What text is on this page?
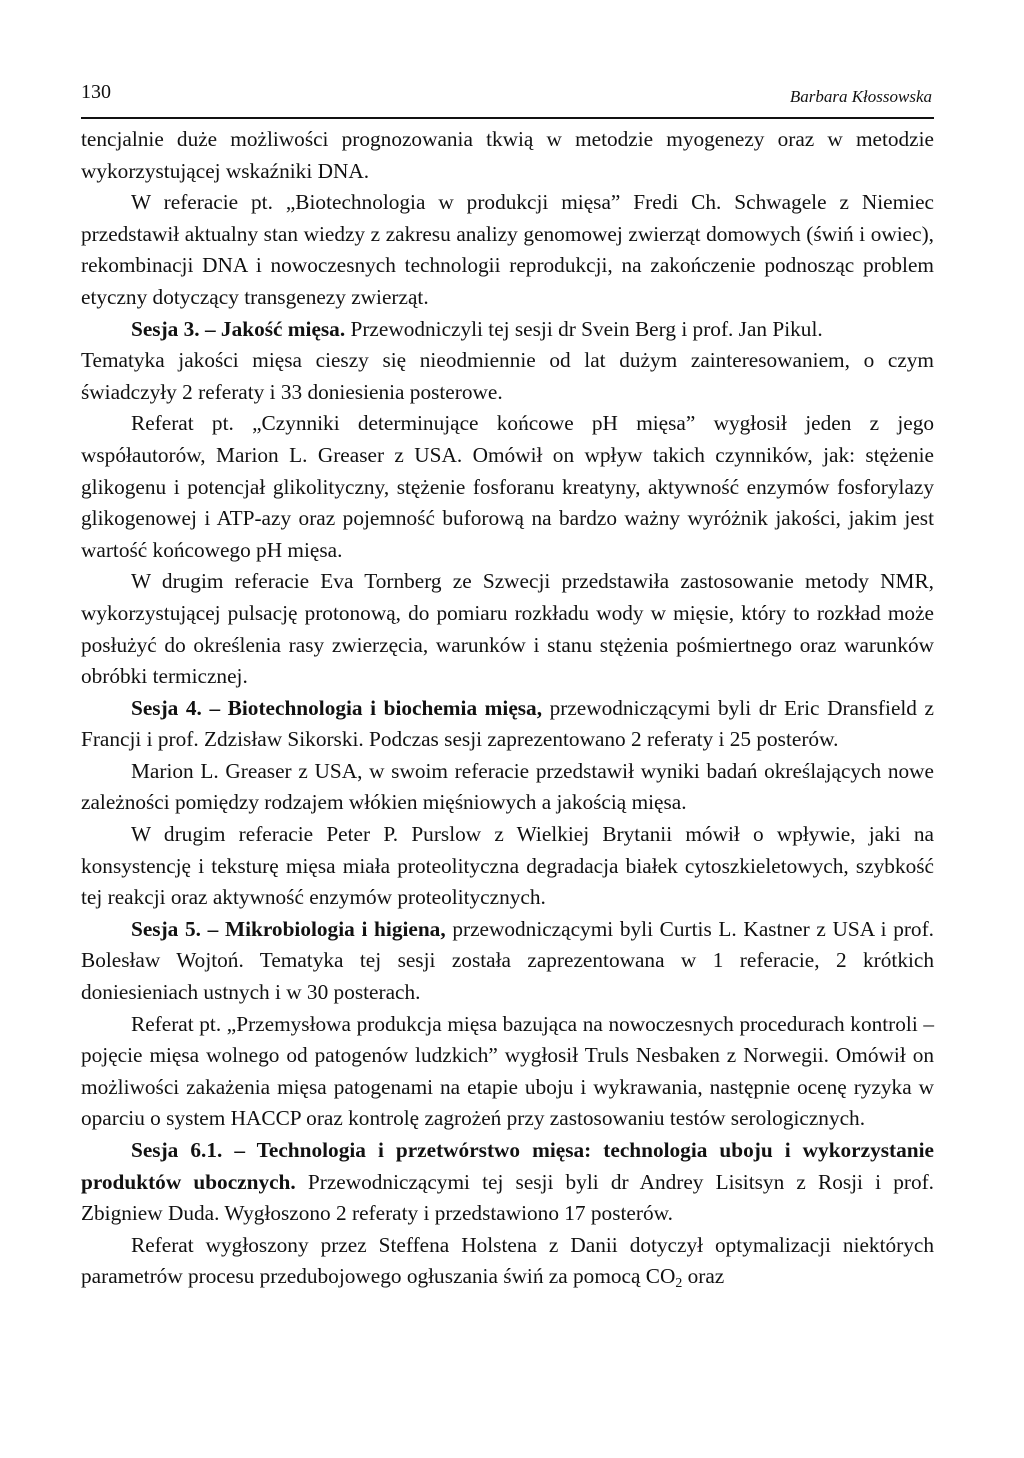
130	Barbara Kłossowska

tencjalnie duże możliwości prognozowania tkwią w metodzie myogenezy oraz w metodzie wykorzystującej wskaźniki DNA.

W referacie pt. „Biotechnologia w produkcji mięsa” Fredi Ch. Schwagele z Niemiec przedstawił aktualny stan wiedzy z zakresu analizy genomowej zwierząt domowych (świń i owiec), rekombinacji DNA i nowoczesnych technologii reprodukcji, na zakończenie podnosząc problem etyczny dotyczący transgenezy zwierząt.

Sesja 3. – Jakość mięsa. Przewodniczyli tej sesji dr Svein Berg i prof. Jan Pikul.

Tematyka jakości mięsa cieszy się nieodmiennie od lat dużym zainteresowaniem, o czym świadczyły 2 referaty i 33 doniesienia posterowe.

Referat pt. „Czynniki determinujące końcowe pH mięsa” wygłosił jeden z jego współautorów, Marion L. Greaser z USA. Omówił on wpływ takich czynników, jak: stężenie glikogenu i potencjał glikolityczny, stężenie fosforanu kreatyny, aktywność enzymów fosforylazy glikogenowej i ATP-azy oraz pojemność buforową na bardzo ważny wyróżnik jakości, jakim jest wartość końcowego pH mięsa.

W drugim referacie Eva Tornberg ze Szwecji przedstawiła zastosowanie metody NMR, wykorzystującej pulsację protonową, do pomiaru rozkładu wody w mięsie, który to rozkład może posłużyć do określenia rasy zwierzęcia, warunków i stanu stężenia pośmiertnego oraz warunków obróbki termicznej.

Sesja 4. – Biotechnologia i biochemia mięsa, przewodniczącymi byli dr Eric Dransfield z Francji i prof. Zdzisław Sikorski. Podczas sesji zaprezentowano 2 referaty i 25 posterów.

Marion L. Greaser z USA, w swoim referacie przedstawił wyniki badań określających nowe zależności pomiędzy rodzajem włókien mięśniowych a jakością mięsa.

W drugim referacie Peter P. Purslow z Wielkiej Brytanii mówił o wpływie, jaki na konsystencję i teksturę mięsa miała proteolityczna degradacja białek cytoszkieletowych, szybkość tej reakcji oraz aktywność enzymów proteolitycznych.

Sesja 5. – Mikrobiologia i higiena, przewodniczącymi byli Curtis L. Kastner z USA i prof. Bolesław Wojtoń. Tematyka tej sesji została zaprezentowana w 1 referacie, 2 krótkich doniesieniach ustnych i w 30 posterach.

Referat pt. „Przemysłowa produkcja mięsa bazująca na nowoczesnych procedurach kontroli – pojęcie mięsa wolnego od patogenów ludzkich” wygłosił Truls Nesbaken z Norwegii. Omówił on możliwości zakażenia mięsa patogenami na etapie uboju i wykrawania, następnie ocenę ryzyka w oparciu o system HACCP oraz kontrolę zagrożeń przy zastosowaniu testów serologicznych.

Sesja 6.1. – Technologia i przetwórstwo mięsa: technologia uboju i wykorzystanie produktów ubocznych. Przewodniczącymi tej sesji byli dr Andrey Lisitsyn z Rosji i prof. Zbigniew Duda. Wygłoszono 2 referaty i przedstawiono 17 posterów.

Referat wygłoszony przez Steffena Holstena z Danii dotyczył optymalizacji niektórych parametrów procesu przedubojowego ogłuszania świń za pomocą $CO_2$ oraz
